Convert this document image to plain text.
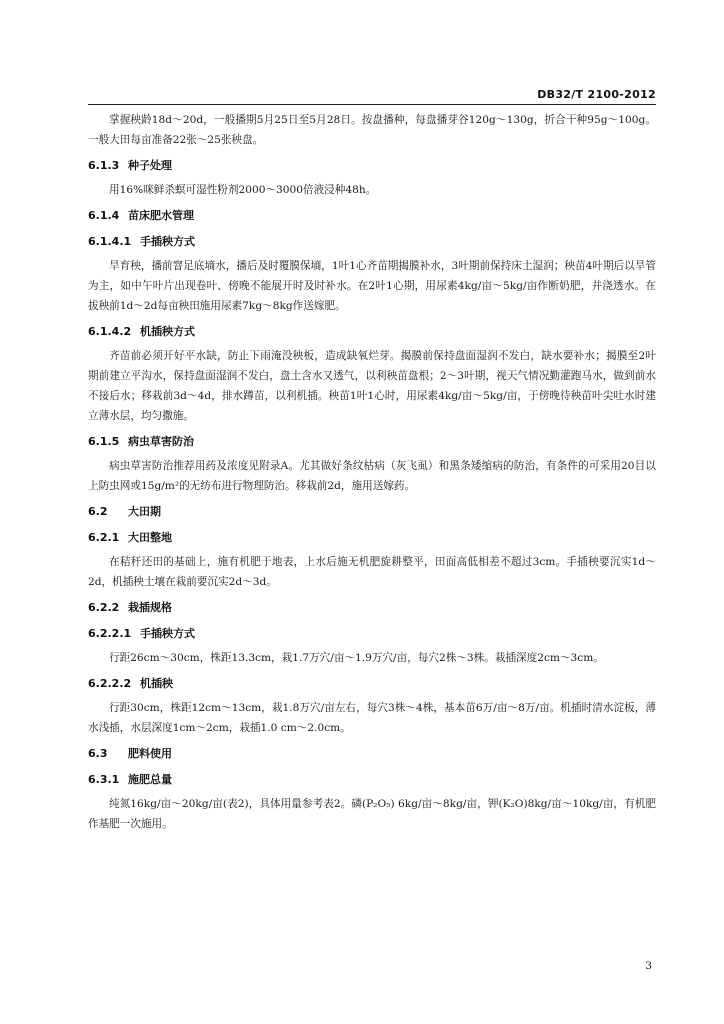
DB32/T 2100-2012

掌握秧龄18d～20d，一般播期5月25日至5月28日。按盘播种，每盘播芽谷120g～130g，折合干种95g～100g。一般大田每亩准备22张～25张秧盘。

6.1.3 种子处理

用16%咪鲜杀螟可湿性粉剂2000～3000倍液浸种48h。

6.1.4 苗床肥水管理

6.1.4.1 手插秧方式

旱育秧，播前窨足底墒水，播后及时覆膜保墒，1叶1心齐苗期揭膜补水，3叶期前保持床土湿润；秧苗4叶期后以旱管为主，如中午叶片出现卷叶、傍晚不能展开时及时补水。在2叶1心期，用尿素4kg/亩～5kg/亩作断奶肥，并浇透水。在拔秧前1d～2d每亩秧田施用尿素7kg～8kg作送嫁肥。

6.1.4.2 机插秧方式

齐苗前必须开好平水缺，防止下雨淹没秧板，造成缺氧烂芽。揭膜前保持盘面湿润不发白，缺水要补水；揭膜至2叶期前建立平沟水，保持盘面湿润不发白，盘土含水又透气，以利秧苗盘根；2～3叶期，视天气情况勤灌跑马水，做到前水不接后水；移栽前3d～4d，排水蹲苗，以利机插。秧苗1叶1心时，用尿素4kg/亩～5kg/亩，于傍晚待秧苗叶尖吐水时建立薄水层，均匀撒施。

6.1.5 病虫草害防治

病虫草害防治推荐用药及浓度见附录A。尤其做好条纹枯病（灰飞虱）和黑条矮缩病的防治，有条件的可采用20目以上防虫网或15g/m²的无纺布进行物理防治。移栽前2d，施用送嫁药。

6.2 大田期

6.2.1 大田整地

在秸秆还田的基础上，施有机肥于地表，上水后施无机肥旋耕整平，田面高低相差不超过3cm。手插秧要沉实1d～2d，机插秧土壤在栽前要沉实2d～3d。

6.2.2 栽插规格

6.2.2.1 手插秧方式

行距26cm～30cm，株距13.3cm，栽1.7万穴/亩～1.9万穴/亩，每穴2株～3株。栽插深度2cm～3cm。

6.2.2.2 机插秧

行距30cm，株距12cm～13cm，栽1.8万穴/亩左右，每穴3株～4株，基本苗6万/亩～8万/亩。机插时清水淀板，薄水浅插，水层深度1cm～2cm，栽插1.0 cm～2.0cm。

6.3 肥料使用

6.3.1 施肥总量

纯氮16kg/亩～20kg/亩(表2)，具体用量参考表2。磷(P₂O₅) 6kg/亩～8kg/亩，钾(K₂O)8kg/亩～10kg/亩，有机肥作基肥一次施用。

3
